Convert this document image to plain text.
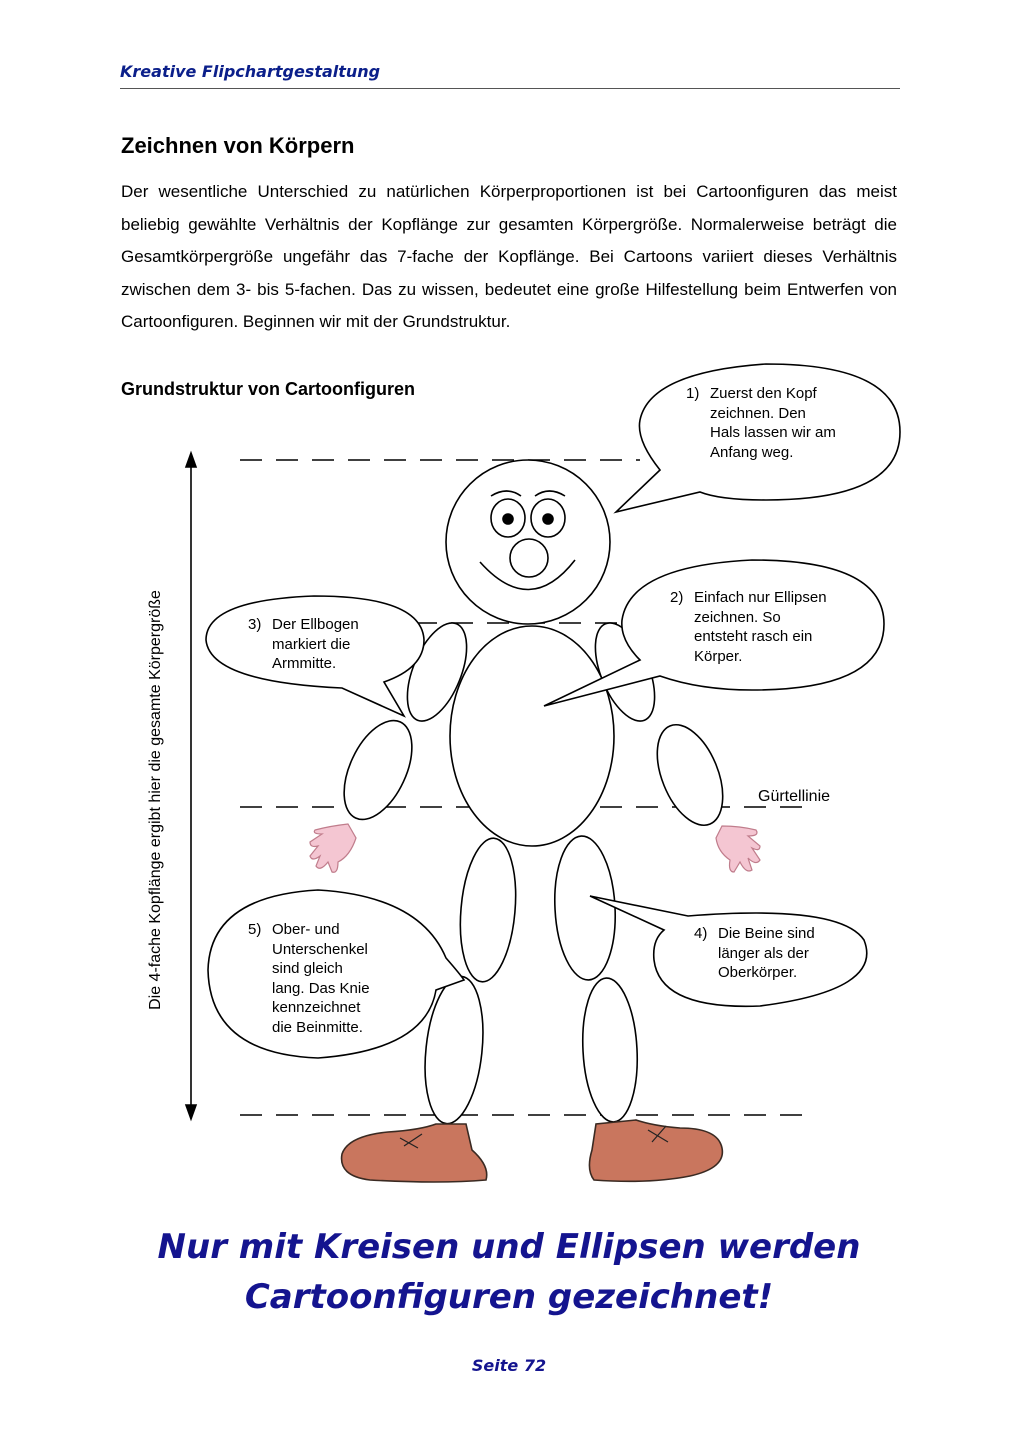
Kreative Flipchartgestaltung
Zeichnen von Körpern
Der wesentliche Unterschied zu natürlichen Körperproportionen ist bei Cartoonfiguren das meist beliebig gewählte Verhältnis der Kopflänge zur gesamten Körpergröße. Normalerweise beträgt die Gesamtkörpergröße ungefähr das 7-fache der Kopflänge. Bei Cartoons variiert dieses Verhältnis zwischen dem 3- bis 5-fachen. Das zu wissen, bedeutet eine große Hilfestellung beim Entwerfen von Cartoonfiguren. Beginnen wir mit der Grundstruktur.
Grundstruktur von Cartoonfiguren	1) Zuerst den Kopf
zeichnen. Den
Hals lassen wir am
Anfang weg.
2) Einfach nur Ellipsen
zeichnen. So
entsteht rasch ein
Körper.
3) Der Ellbogen
markiert die
Armmitte.
4) Die Beine sind
länger als der
Oberkörper.
5) Ober- und
Unterschenkel
sind gleich
lang. Das Knie
kennzeichnet
die Beinmitte.
Gürtellinie
Die 4-fache Kopflänge ergibt hier die gesamte Körpergröße
Nur mit Kreisen und Ellipsen werden
Cartoonfiguren gezeichnet!
Seite 72
